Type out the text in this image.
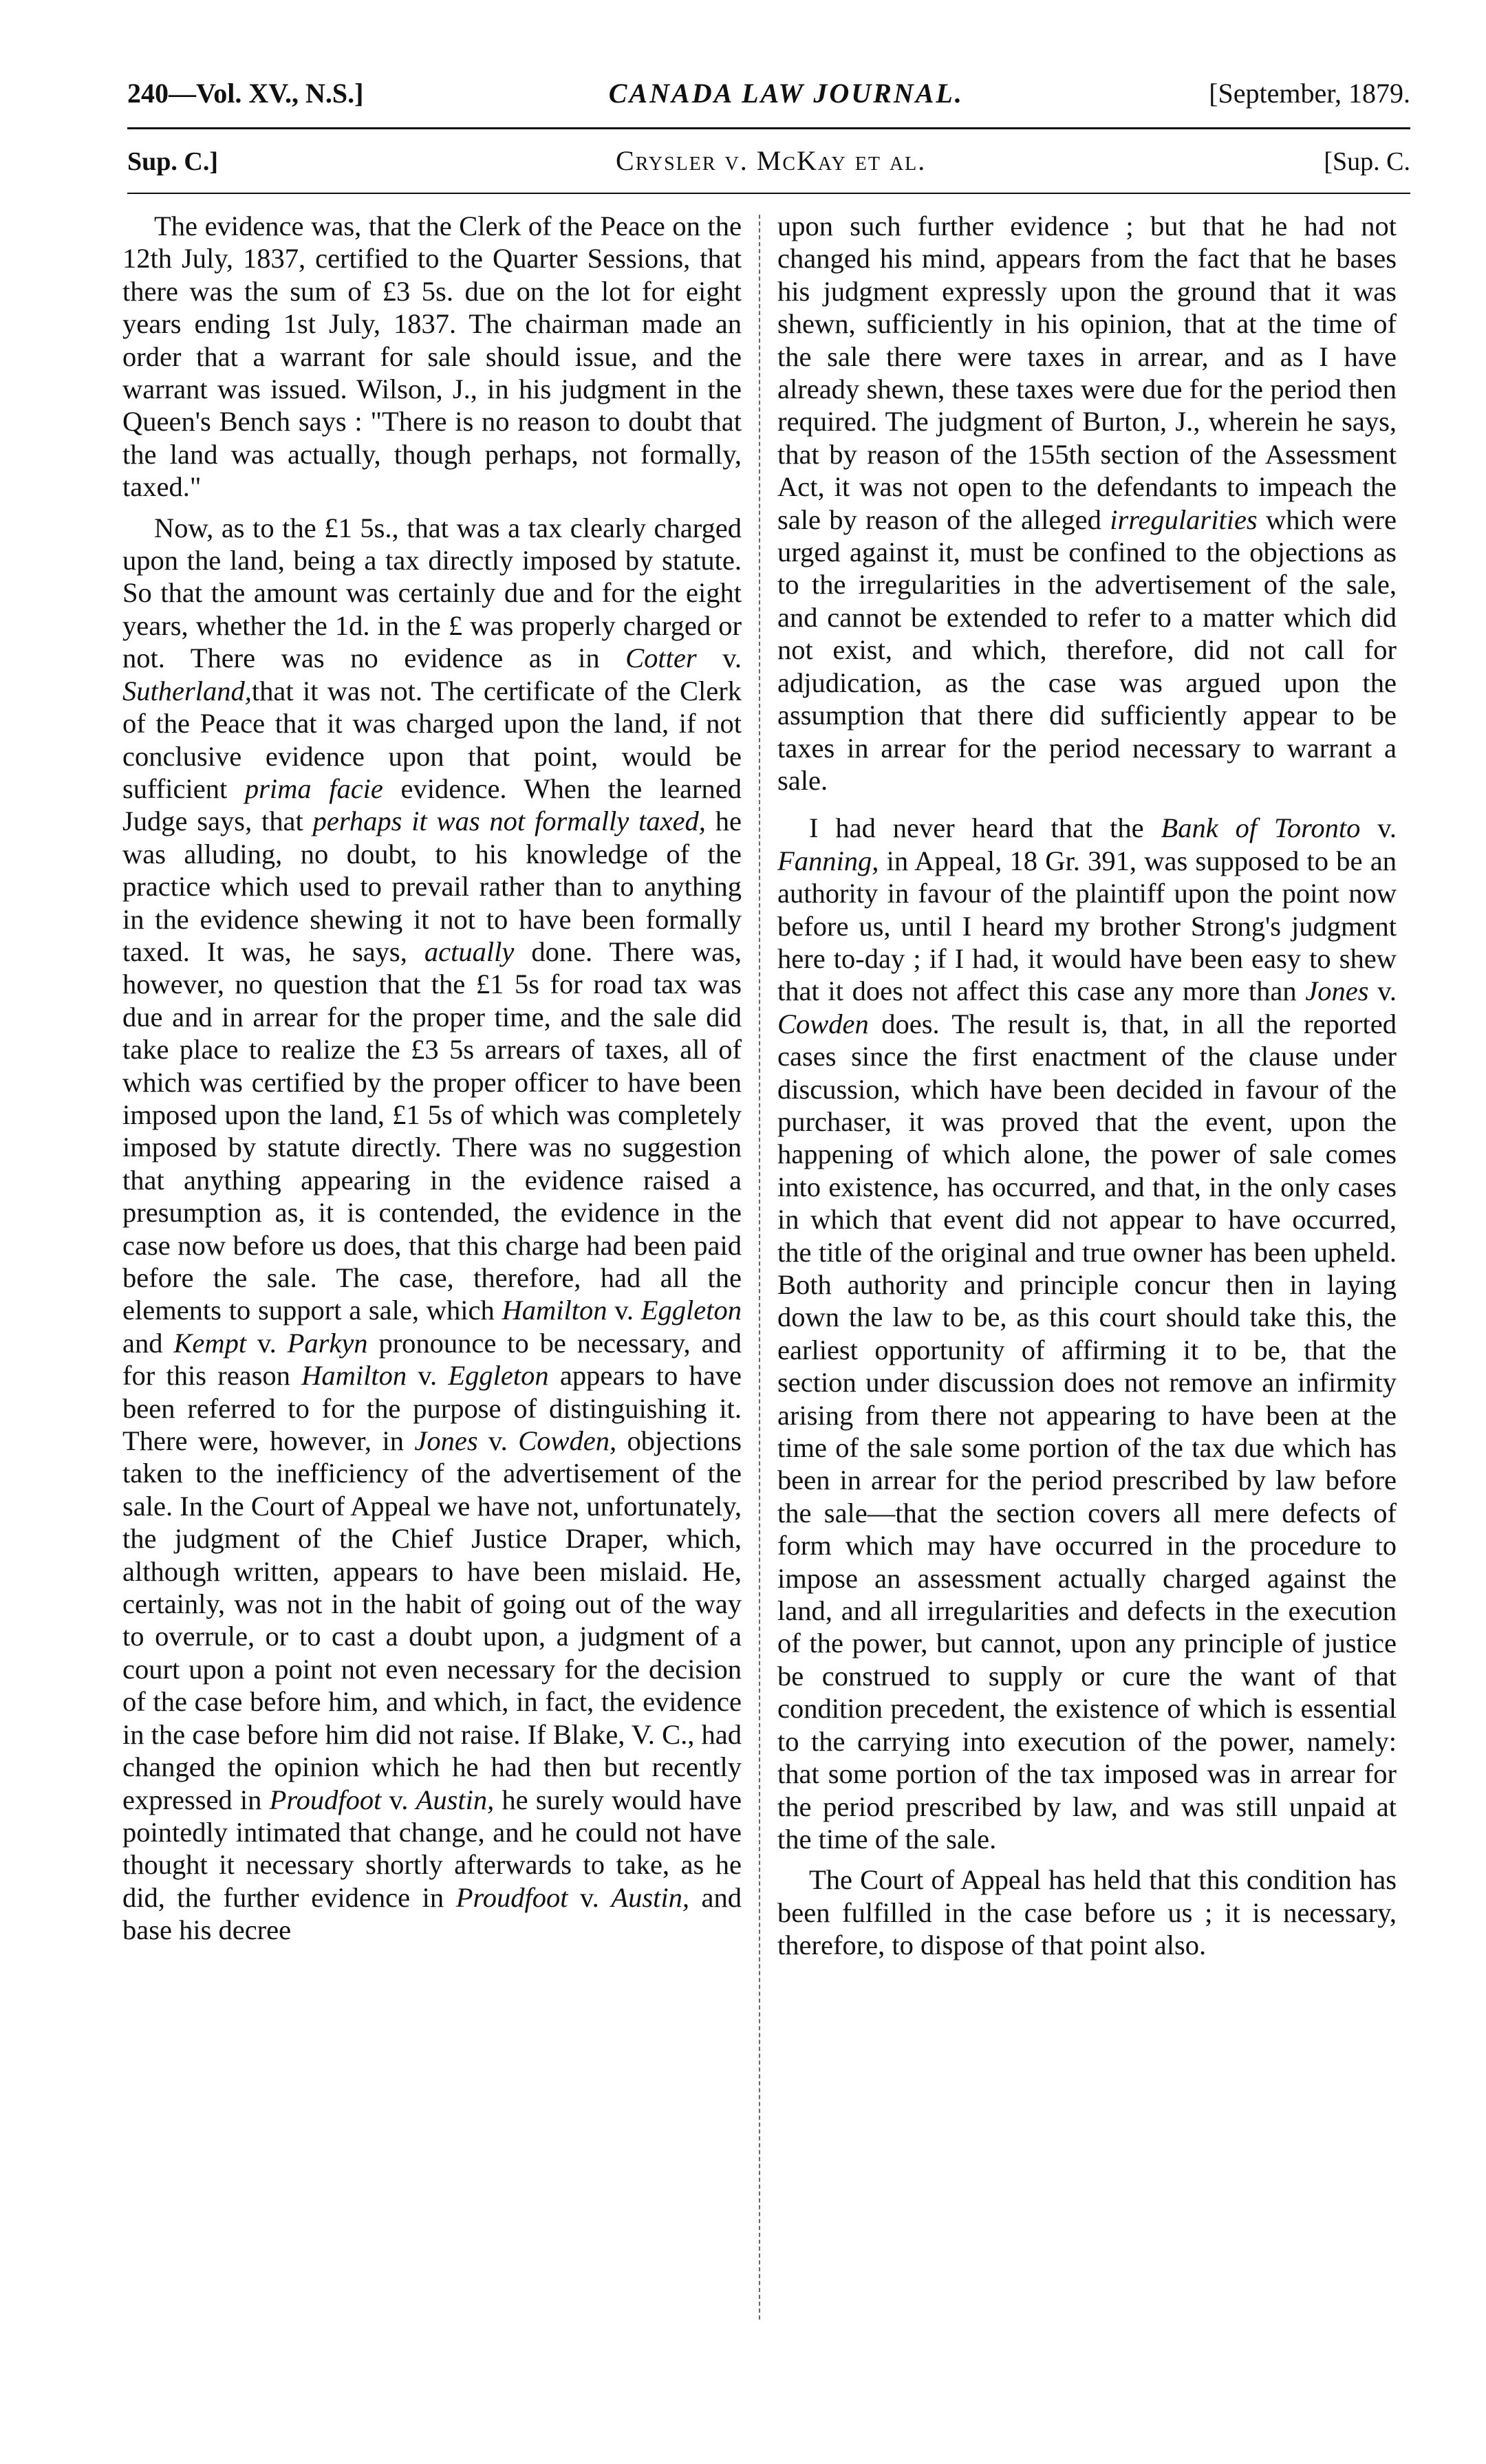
240—Vol. XV., N.S.]	CANADA LAW JOURNAL.	[September, 1879.
Sup. C.]	Crysler v. McKay et al.	[Sup. C.

The evidence was, that the Clerk of the Peace on the 12th July, 1837, certified to the Quarter Sessions, that there was the sum of £3 5s. due on the lot for eight years ending 1st July, 1837. The chairman made an order that a warrant for sale should issue, and the warrant was issued. Wilson, J., in his judgment in the Queen's Bench says : "There is no reason to doubt that the land was actually, though perhaps, not formally, taxed."

Now, as to the £1 5s., that was a tax clearly charged upon the land, being a tax directly imposed by statute. So that the amount was certainly due and for the eight years, whether the 1d. in the £ was properly charged or not. There was no evidence as in Cotter v. Sutherland,that it was not. The certificate of the Clerk of the Peace that it was charged upon the land, if not conclusive evidence upon that point, would be sufficient prima facie evidence. When the learned Judge says, that perhaps it was not formally taxed, he was alluding, no doubt, to his knowledge of the practice which used to prevail rather than to anything in the evidence shewing it not to have been formally taxed. It was, he says, actually done. There was, however, no question that the £1 5s for road tax was due and in arrear for the proper time, and the sale did take place to realize the £3 5s arrears of taxes, all of which was certified by the proper officer to have been imposed upon the land, £1 5s of which was completely imposed by statute directly. There was no suggestion that anything appearing in the evidence raised a presumption as, it is contended, the evidence in the case now before us does, that this charge had been paid before the sale. The case, therefore, had all the elements to support a sale, which Hamilton v. Eggleton and Kempt v. Parkyn pronounce to be necessary, and for this reason Hamilton v. Eggleton appears to have been referred to for the purpose of distinguishing it. There were, however, in Jones v. Cowden, objections taken to the inefficiency of the advertisement of the sale. In the Court of Appeal we have not, unfortunately, the judgment of the Chief Justice Draper, which, although written, appears to have been mislaid. He, certainly, was not in the habit of going out of the way to overrule, or to cast a doubt upon, a judgment of a court upon a point not even necessary for the decision of the case before him, and which, in fact, the evidence in the case before him did not raise. If Blake, V. C., had changed the opinion which he had then but recently expressed in Proudfoot v. Austin, he surely would have pointedly intimated that change, and he could not have thought it necessary shortly afterwards to take, as he did, the further evidence in Proudfoot v. Austin, and base his decree

upon such further evidence ; but that he had not changed his mind, appears from the fact that he bases his judgment expressly upon the ground that it was shewn, sufficiently in his opinion, that at the time of the sale there were taxes in arrear, and as I have already shewn, these taxes were due for the period then required. The judgment of Burton, J., wherein he says, that by reason of the 155th section of the Assessment Act, it was not open to the defendants to impeach the sale by reason of the alleged irregularities which were urged against it, must be confined to the objections as to the irregularities in the advertisement of the sale, and cannot be extended to refer to a matter which did not exist, and which, therefore, did not call for adjudication, as the case was argued upon the assumption that there did sufficiently appear to be taxes in arrear for the period necessary to warrant a sale.

I had never heard that the Bank of Toronto v. Fanning, in Appeal, 18 Gr. 391, was supposed to be an authority in favour of the plaintiff upon the point now before us, until I heard my brother Strong's judgment here to-day ; if I had, it would have been easy to shew that it does not affect this case any more than Jones v. Cowden does. The result is, that, in all the reported cases since the first enactment of the clause under discussion, which have been decided in favour of the purchaser, it was proved that the event, upon the happening of which alone, the power of sale comes into existence, has occurred, and that, in the only cases in which that event did not appear to have occurred, the title of the original and true owner has been upheld. Both authority and principle concur then in laying down the law to be, as this court should take this, the earliest opportunity of affirming it to be, that the section under discussion does not remove an infirmity arising from there not appearing to have been at the time of the sale some portion of the tax due which has been in arrear for the period prescribed by law before the sale—that the section covers all mere defects of form which may have occurred in the procedure to impose an assessment actually charged against the land, and all irregularities and defects in the execution of the power, but cannot, upon any principle of justice be construed to supply or cure the want of that condition precedent, the existence of which is essential to the carrying into execution of the power, namely: that some portion of the tax imposed was in arrear for the period prescribed by law, and was still unpaid at the time of the sale.

The Court of Appeal has held that this condition has been fulfilled in the case before us ; it is necessary, therefore, to dispose of that point also.
